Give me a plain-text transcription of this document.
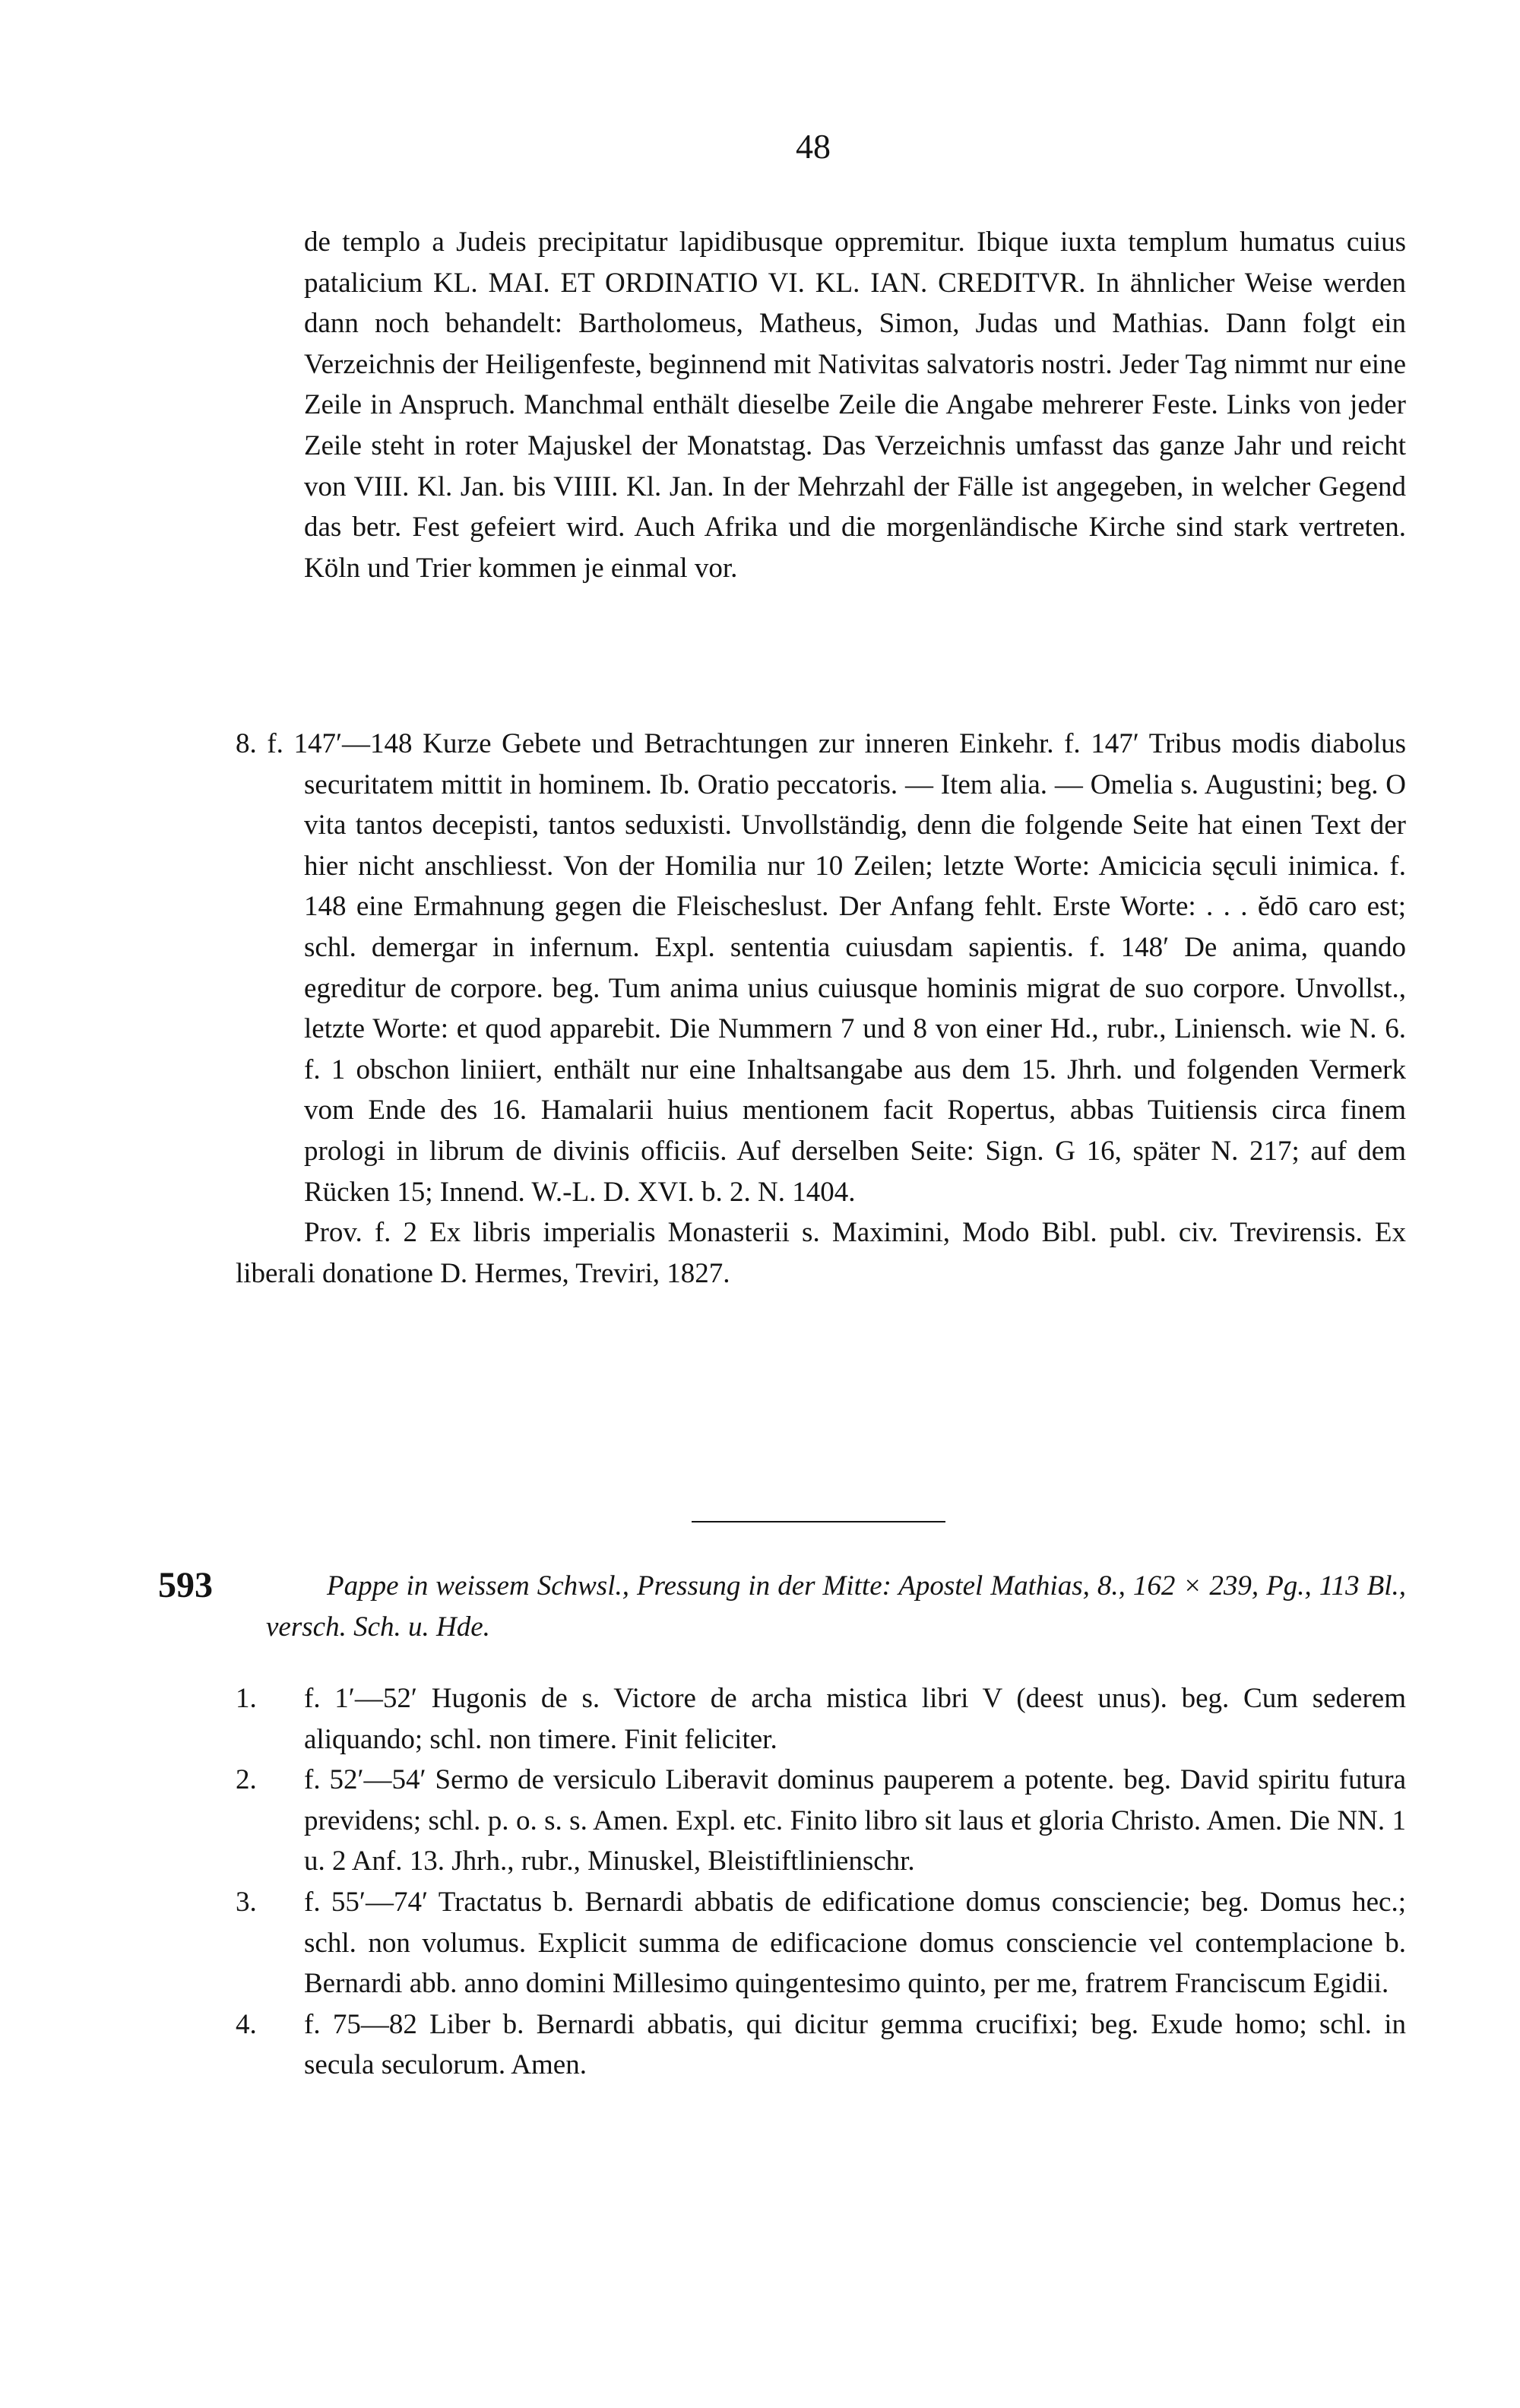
48

de templo a Judeis precipitatur lapidibusque oppremitur. Ibique iuxta templum humatus cuius patalicium KL. MAI. ET ORDINATIO VI. KL. IAN. CREDITVR. In ähnlicher Weise werden dann noch behandelt: Bartholomeus, Matheus, Simon, Judas und Mathias. Dann folgt ein Verzeichnis der Heiligenfeste, beginnend mit Nativitas salvatoris nostri. Jeder Tag nimmt nur eine Zeile in Anspruch. Manchmal enthält dieselbe Zeile die Angabe mehrerer Feste. Links von jeder Zeile steht in roter Majuskel der Monatstag. Das Verzeichnis umfasst das ganze Jahr und reicht von VIII. Kl. Jan. bis VIIII. Kl. Jan. In der Mehrzahl der Fälle ist angegeben, in welcher Gegend das betr. Fest gefeiert wird. Auch Afrika und die morgenländische Kirche sind stark vertreten. Köln und Trier kommen je einmal vor.

8. f. 147′—148 Kurze Gebete und Betrachtungen zur inneren Einkehr. f. 147′ Tribus modis diabolus securitatem mittit in hominem. Ib. Oratio peccatoris. — Item alia. — Omelia s. Augustini; beg. O vita tantos decepisti, tantos seduxisti. Unvollständig, denn die folgende Seite hat einen Text der hier nicht anschliesst. Von der Homilia nur 10 Zeilen; letzte Worte: Amicicia sęculi inimica. f. 148 eine Ermahnung gegen die Fleischeslust. Der Anfang fehlt. Erste Worte: . . . ĕdō caro est; schl. demergar in infernum. Expl. sententia cuiusdam sapientis. f. 148′ De anima, quando egreditur de corpore. beg. Tum anima unius cuiusque hominis migrat de suo corpore. Unvollst., letzte Worte: et quod apparebit. Die Nummern 7 und 8 von einer Hd., rubr., Liniensch. wie N. 6. f. 1 obschon liniiert, enthält nur eine Inhaltsangabe aus dem 15. Jhrh. und folgenden Vermerk vom Ende des 16. Hamalarii huius mentionem facit Ropertus, abbas Tuitiensis circa finem prologi in librum de divinis officiis. Auf derselben Seite: Sign. G 16, später N. 217; auf dem Rücken 15; Innend. W.-L. D. XVI. b. 2. N. 1404.

Prov. f. 2 Ex libris imperialis Monasterii s. Maximini, Modo Bibl. publ. civ. Trevirensis. Ex liberali donatione D. Hermes, Treviri, 1827.

593	Pappe in weissem Schwsl., Pressung in der Mitte: Apostel Mathias, 8., 162 × 239, Pg., 113 Bl., versch. Sch. u. Hde.

1. f. 1′—52′ Hugonis de s. Victore de archa mistica libri V (deest unus). beg. Cum sederem aliquando; schl. non timere. Finit feliciter.

2. f. 52′—54′ Sermo de versiculo Liberavit dominus pauperem a potente. beg. David spiritu futura previdens; schl. p. o. s. s. Amen. Expl. etc. Finito libro sit laus et gloria Christo. Amen. Die NN. 1 u. 2 Anf. 13. Jhrh., rubr., Minuskel, Bleistiftlinienschr.

3. f. 55′—74′ Tractatus b. Bernardi abbatis de edificatione domus consciencie; beg. Domus hec.; schl. non volumus. Explicit summa de edificacione domus consciencie vel contemplacione b. Bernardi abb. anno domini Millesimo quingentesimo quinto, per me, fratrem Franciscum Egidii.

4. f. 75—82 Liber b. Bernardi abbatis, qui dicitur gemma crucifixi; beg. Exude homo; schl. in secula seculorum. Amen.
